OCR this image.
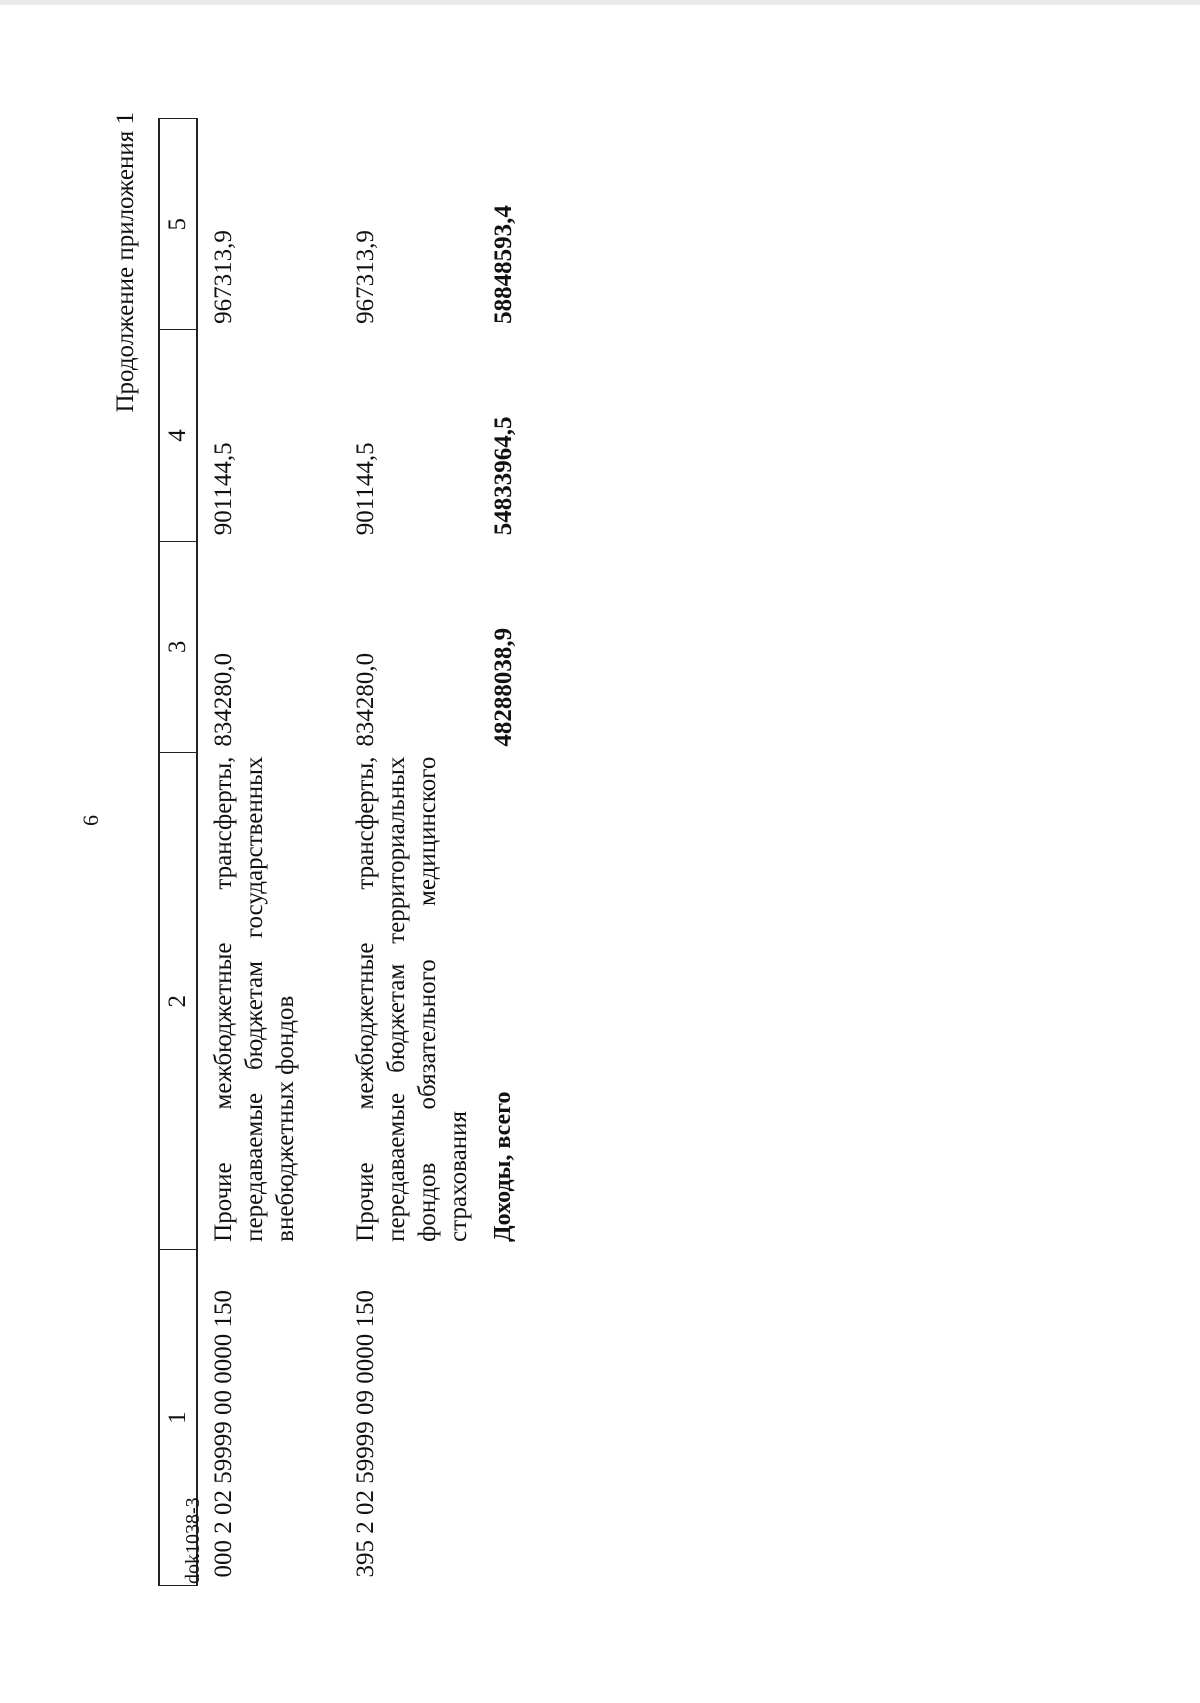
6
Продолжение приложения 1
1	2	3	4	5
000 2 02 59999 00 0000 150	Прочие межбюджетные трансферты, передаваемые бюджетам государственных внебюджетных фондов	834280,0	901144,5	967313,9
395 2 02 59999 09 0000 150	Прочие межбюджетные трансферты, передаваемые бюджетам территориальных фондов обязательного медицинского страхования	834280,0	901144,5	967313,9
	Доходы, всего	48288038,9	54833964,5	58848593,4
dok1038-3
